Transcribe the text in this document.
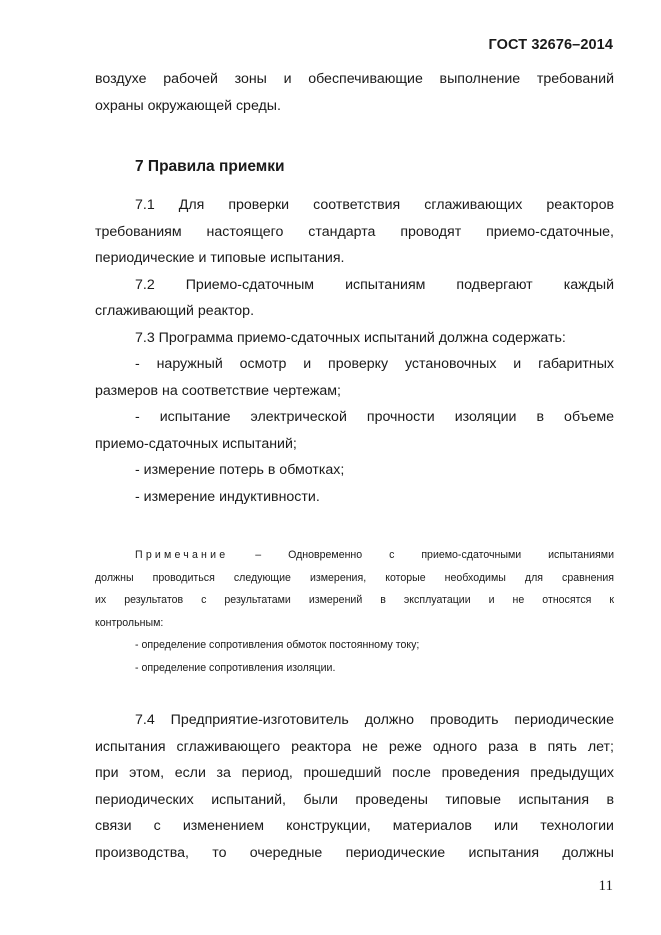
ГОСТ 32676–2014
воздухе рабочей зоны и обеспечивающие выполнение требований
охраны окружающей среды.
7 Правила приемки
7.1 Для проверки соответствия сглаживающих реакторов
требованиям настоящего стандарта проводят приемо-сдаточные,
периодические и типовые испытания.
7.2 Приемо-сдаточным испытаниям подвергают каждый
сглаживающий реактор.
7.3 Программа приемо-сдаточных испытаний должна содержать:
- наружный осмотр и проверку установочных и габаритных
размеров на соответствие чертежам;
- испытание электрической прочности изоляции в объеме
приемо-сдаточных испытаний;
- измерение потерь в обмотках;
- измерение индуктивности.
Примечание – Одновременно с приемо-сдаточными испытаниями
должны проводиться следующие измерения, которые необходимы для сравнения
их результатов с результатами измерений в эксплуатации и не относятся к
контрольным:
- определение сопротивления обмоток постоянному току;
- определение сопротивления изоляции.
7.4 Предприятие-изготовитель должно проводить периодические
испытания сглаживающего реактора не реже одного раза в пять лет;
при этом, если за период, прошедший после проведения предыдущих
периодических испытаний, были проведены типовые испытания в
связи с изменением конструкции, материалов или технологии
производства, то очередные периодические испытания должны
11
